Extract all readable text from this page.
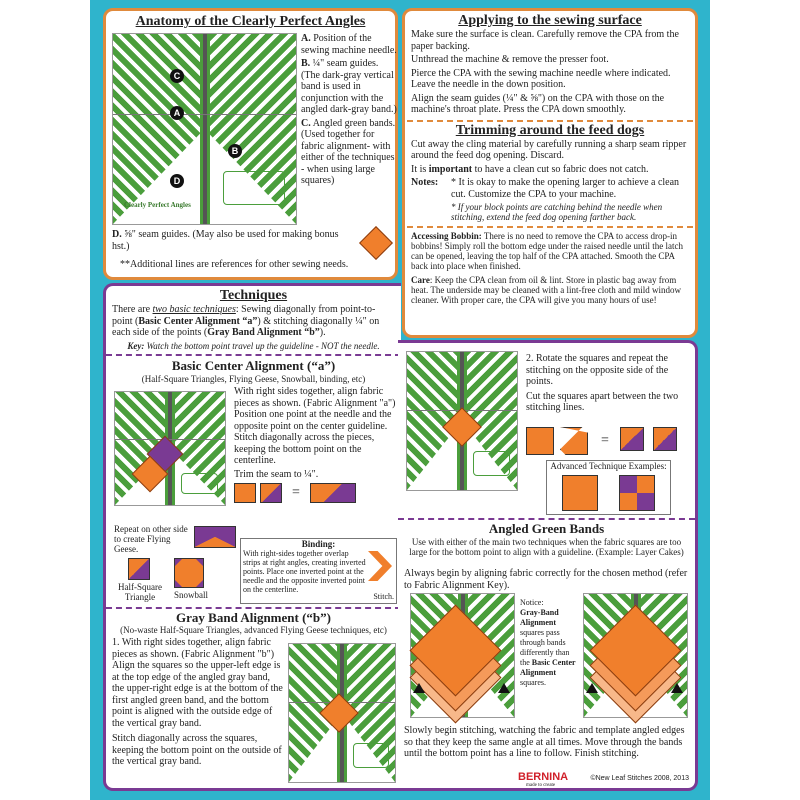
Anatomy of the Clearly Perfect Angles
Clearly Perfect Angles
C
A
B
D
A. Position of the sewing machine needle.
B. ¼" seam guides. (The dark-gray vertical band is used in conjunction with the angled dark-gray band.)
C. Angled green bands.(Used together for fabric alignment- with either of the techniques - when using large squares)
D. ⅝" seam guides. (May also be used for making bonus hst.)
**Additional lines are references for other sewing needs.
Applying to the sewing surface

Make sure the surface is clean. Carefully remove the CPA from the paper backing.

Unthread the machine & remove the presser foot.

Pierce the CPA with the sewing machine needle where indicated. Leave the needle in the down position.

Align the seam guides (¼" & ⅝") on the CPA with those on the machine's throat plate. Press the CPA down smoothly.

Trimming around the feed dogs

Cut away the cling material by carefully running a sharp seam ripper around the feed dog opening. Discard.

It is important to have a clean cut so fabric does not catch.

Notes:	* It is okay to make the opening larger to achieve a clean cut. Customize the CPA to your machine.

* If your block points are catching behind the needle when stitching, extend the feed dog opening farther back.

Accessing Bobbin: There is no need to remove the CPA to access drop-in bobbins! Simply roll the bottom edge under the raised needle until the latch can be opened, leaving the top half of the CPA attached. Smooth the CPA back into place when finished.

Care: Keep the CPA clean from oil & lint. Store in plastic bag away from heat. The underside may be cleaned with a lint-free cloth and mild window cleaner. With proper care, the CPA will give you many hours of use!

Techniques

There are two basic techniques: Sewing diagonally from point-to-point (Basic Center Alignment “a”) & stitching diagonally ¼" on each side of the points (Gray Band Alignment “b”).

Key: Watch the bottom point travel up the guideline - NOT the needle.

Basic Center Alignment (“a”)
(Half-Square Triangles, Flying Geese, Snowball, binding, etc)

With right sides together, align fabric pieces as shown. (Fabric Alignment "a") Position one point at the needle and the opposite point on the center guideline. Stitch diagonally across the pieces, keeping the bottom point on the centerline.

Trim the seam to ¼".

=

Repeat on other side to create Flying Geese.

Half-Square Triangle	Snowball

Binding:

With right-sides together overlap strips at right angles, creating inverted points. Place one inverted point at the needle and the opposite inverted point on the centerline.

Stitch.
Gray Band Alignment (“b”)
(No-waste Half-Square Triangles, advanced Flying Geese techniques, etc)

1. With right sides together, align fabric pieces as shown. (Fabric Alignment "b") Align the squares so the upper-left edge is at the top edge of the angled gray band, the upper-right edge is at the bottom of the first angled green band, and the bottom point is aligned with the outside edge of the vertical gray band.

Stitch diagonally across the squares, keeping the bottom point on the outside of the vertical gray band.

2. Rotate the squares and repeat the stitching on the opposite side of the points.

Cut the squares apart between the two stitching lines.

=
Advanced Technique Examples:
Angled Green Bands

Use with either of the main two techniques when the fabric squares are too large for the bottom point to align with a guideline. (Example: Layer Cakes)

Always begin by aligning fabric correctly for the chosen method (refer to Fabric Alignment Key).

Notice:
Gray-Band Alignment squares pass through bands differently than the Basic Center Alignment squares.

Slowly begin stitching, watching the fabric and template angled edges so that they keep the same angle at all times. Move through the bands until the bottom point has a line to follow. Finish stitching.

BERNINA
made to create
©New Leaf Stitches 2008, 2013
